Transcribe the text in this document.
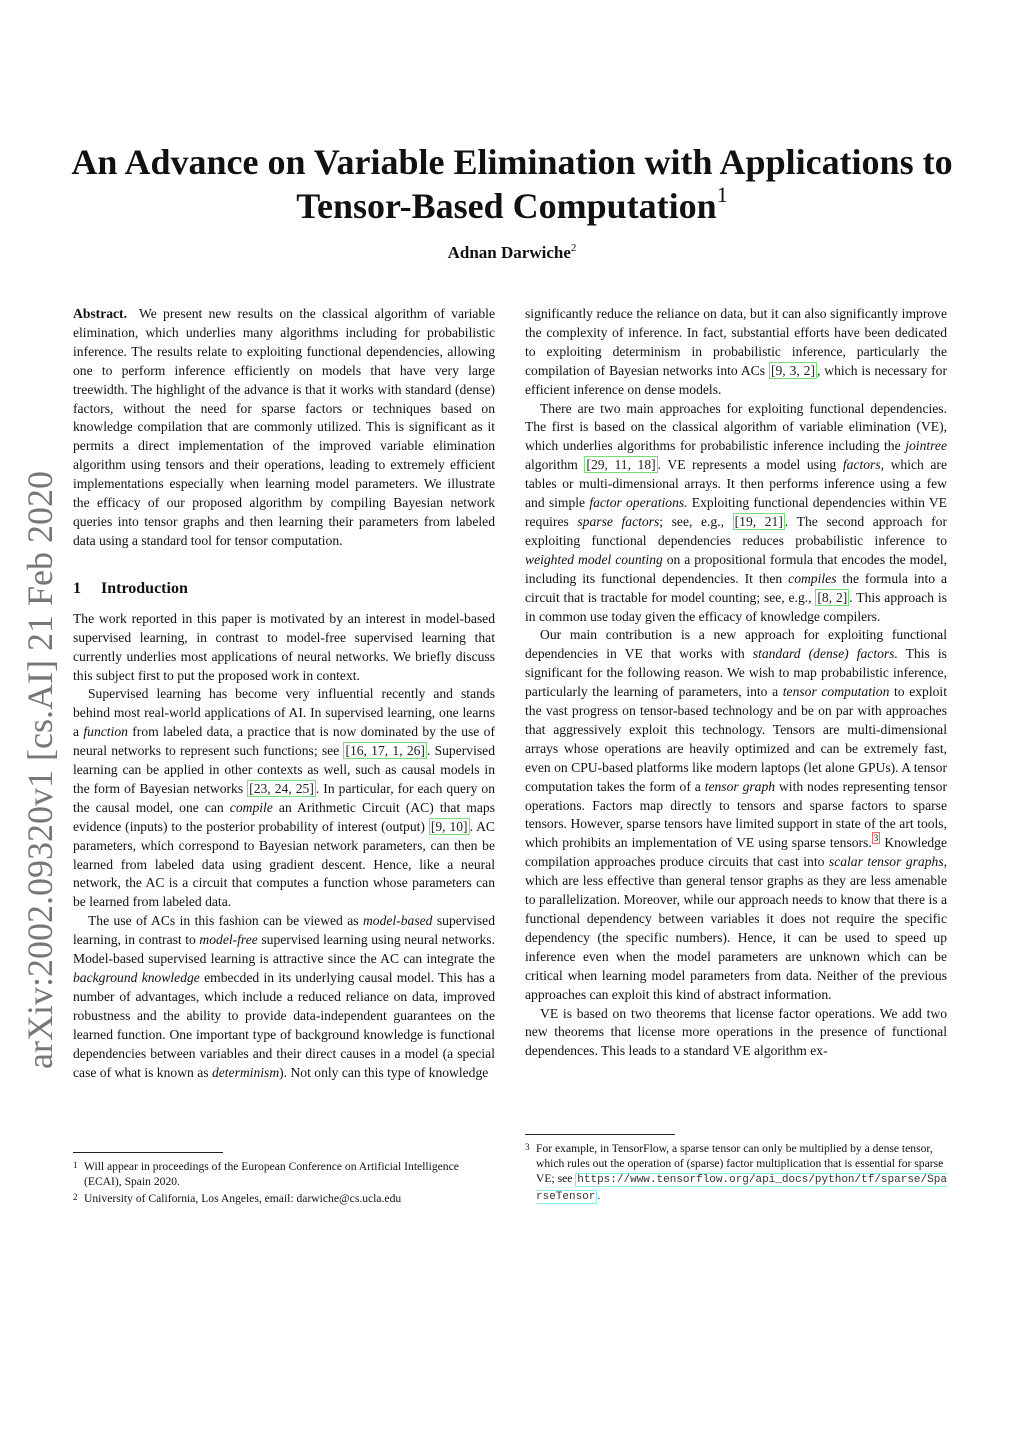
arXiv:2002.09320v1 [cs.AI] 21 Feb 2020
An Advance on Variable Elimination with Applications to
Tensor-Based Computation$^1$
Adnan Darwiche$^2$

Abstract. We present new results on the classical algorithm of variable elimination, which underlies many algorithms including for probabilistic inference. The results relate to exploiting functional dependencies, allowing one to perform inference efficiently on models that have very large treewidth. The highlight of the advance is that it works with standard (dense) factors, without the need for sparse factors or techniques based on knowledge compilation that are commonly utilized. This is significant as it permits a direct implementation of the improved variable elimination algorithm using tensors and their operations, leading to extremely efficient implementations especially when learning model parameters. We illustrate the efficacy of our proposed algorithm by compiling Bayesian network queries into tensor graphs and then learning their parameters from labeled data using a standard tool for tensor computation.

1 Introduction

The work reported in this paper is motivated by an interest in model-based supervised learning, in contrast to model-free supervised learning that currently underlies most applications of neural networks. We briefly discuss this subject first to put the proposed work in context.

Supervised learning has become very influential recently and stands behind most real-world applications of AI. In supervised learning, one learns a function from labeled data, a practice that is now dominated by the use of neural networks to represent such functions; see [16, 17, 1, 26] . Supervised learning can be applied in other contexts as well, such as causal models in the form of Bayesian networks [23, 24, 25] . In particular, for each query on the causal model, one can compile an Arithmetic Circuit (AC) that maps evidence (inputs) to the posterior probability of interest (output) [9, 10] . AC parameters, which correspond to Bayesian network parameters, can then be learned from labeled data using gradient descent. Hence, like a neural network, the AC is a circuit that computes a function whose parameters can be learned from labeled data.

The use of ACs in this fashion can be viewed as model-based supervised learning, in contrast to model-free supervised learning using neural networks. Model-based supervised learning is attractive since the AC can integrate the background knowledge embecded in its underlying causal model. This has a number of advantages, which include a reduced reliance on data, improved robustness and the ability to provide data-independent guarantees on the learned function. One important type of background knowledge is functional dependencies between variables and their direct causes in a model (a special case of what is known as determinism). Not only can this type of knowledge

1 Will appear in proceedings of the European Conference on Artificial Intelligence (ECAI), Spain 2020.
2 University of California, Los Angeles, email: darwiche@cs.ucla.edu

significantly reduce the reliance on data, but it can also significantly improve the complexity of inference. In fact, substantial efforts have been dedicated to exploiting determinism in probabilistic inference, particularly the compilation of Bayesian networks into ACs [9, 3, 2] , which is necessary for efficient inference on dense models.

There are two main approaches for exploiting functional dependencies. The first is based on the classical algorithm of variable elimination (VE), which underlies algorithms for probabilistic inference including the jointree algorithm [29, 11, 18] . VE represents a model using factors, which are tables or multi-dimensional arrays. It then performs inference using a few and simple factor operations. Exploiting functional dependencies within VE requires sparse factors; see, e.g., [19, 21] . The second approach for exploiting functional dependencies reduces probabilistic inference to weighted model counting on a propositional formula that encodes the model, including its functional dependencies. It then compiles the formula into a circuit that is tractable for model counting; see, e.g., [8, 2] . This approach is in common use today given the efficacy of knowledge compilers.

Our main contribution is a new approach for exploiting functional dependencies in VE that works with standard (dense) factors. This is significant for the following reason. We wish to map probabilistic inference, particularly the learning of parameters, into a tensor computation to exploit the vast progress on tensor-based technology and be on par with approaches that aggressively exploit this technology. Tensors are multi-dimensional arrays whose operations are heavily optimized and can be extremely fast, even on CPU-based platforms like modern laptops (let alone GPUs). A tensor computation takes the form of a tensor graph with nodes representing tensor operations. Factors map directly to tensors and sparse factors to sparse tensors. However, sparse tensors have limited support in state of the art tools, which prohibits an implementation of VE using sparse tensors. $^3$ Knowledge compilation approaches produce circuits that cast into scalar tensor graphs, which are less effective than general tensor graphs as they are less amenable to parallelization. Moreover, while our approach needs to know that there is a functional dependency between variables it does not require the specific dependency (the specific numbers). Hence, it can be used to speed up inference even when the model parameters are unknown which can be critical when learning model parameters from data. Neither of the previous approaches can exploit this kind of abstract information.

VE is based on two theorems that license factor operations. We add two new theorems that license more operations in the presence of functional dependences. This leads to a standard VE algorithm ex-

3 For example, in TensorFlow, a sparse tensor can only be multiplied by a dense tensor, which rules out the operation of (sparse) factor multiplication that is essential for sparse VE; see https://www.tensorflow.org/api_docs/python/tf/sparse/SparseTensor .
